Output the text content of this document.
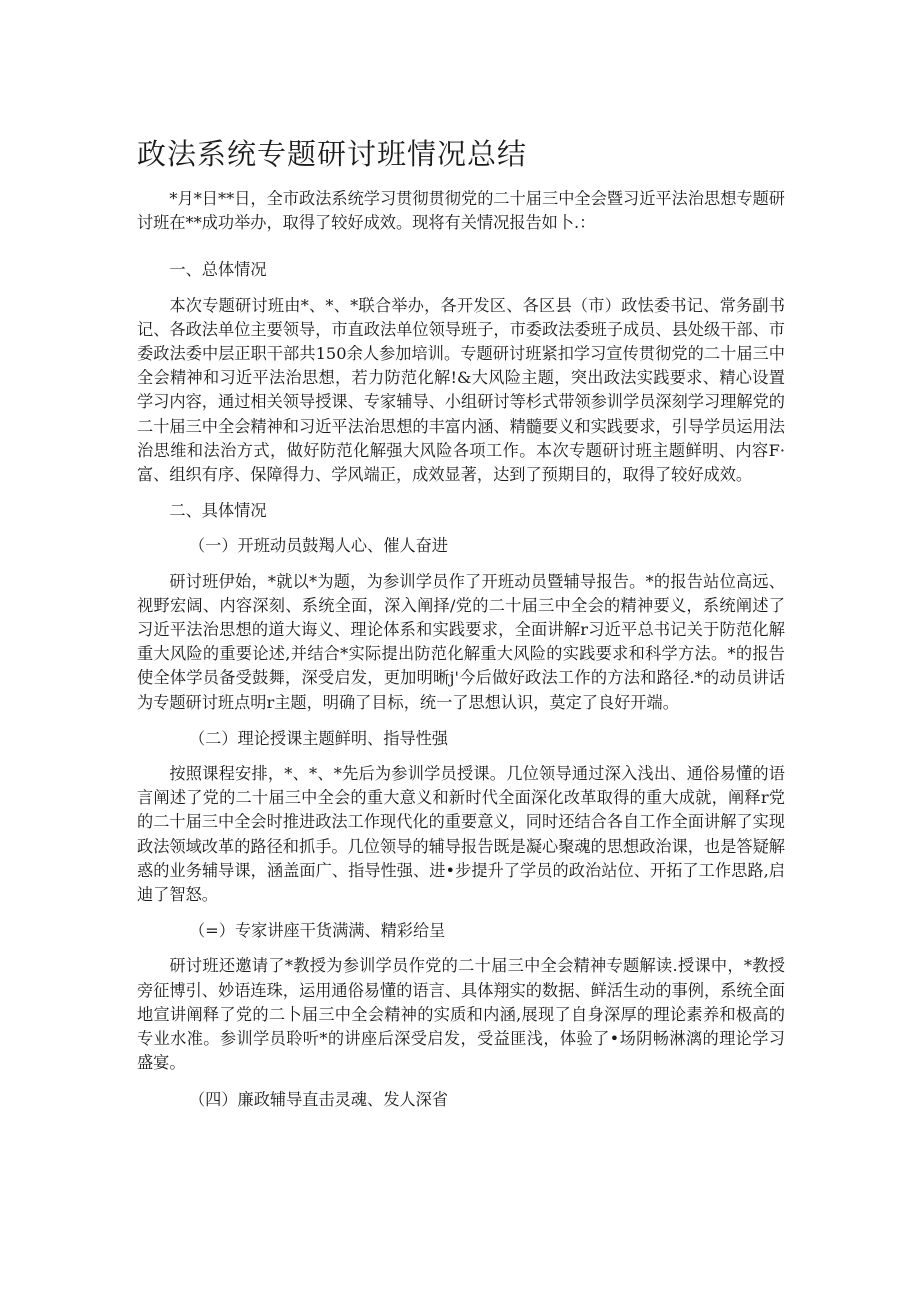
政法系统专题研讨班情况总结

*月*日**日，全市政法系统学习贯彻贯彻党的二十届三中全会暨习近平法治思想专题研讨班在**成功举办，取得了较好成效。现将有关情况报告如卜.：

一、总体情况

本次专题研讨班由*、*、*联合举办，各开发区、各区县（市）政怯委书记、常务副书记、各政法单位主要领导，市直政法单位领导班子，市委政法委班子成员、县处级干部、市委政法委中层正职干部共150余人参加培训。专题研讨班紧扣学习宣传贯彻党的二十届三中全会精神和习近平法治思想，若力防范化解!&大风险主题，突出政法实践要求、精心设置学习内容，通过相关领导授课、专家辅导、小组研讨等杉式带领参训学员深刻学习理解党的二十届三中全会精神和习近平法治思想的丰富内涵、精髓要义和实践要求，引导学员运用法治思维和法治方式，做好防范化解强大风险各项工作。本次专题研讨班主题鲜明、内容F·富、组织有序、保障得力、学风端正，成效显著，达到了预期目的，取得了较好成效。

二、具体情况

（一）开班动员鼓羯人心、催人奋进

研讨班伊始，*就以*为题，为参训学员作了开班动员暨辅导报告。*的报告站位高远、视野宏阔、内容深刻、系统全面，深入阐择/党的二十届三中全会的精神要义，系统阐述了习近平法治思想的道大诲义、理论体系和实践要求，全面讲解r习近平总书记关于防范化解重大风险的重要论述,并结合*实际提出防范化解重大风险的实践要求和科学方法。*的报告使全体学员备受鼓舞，深受启发，更加明晰j'今后做好政法工作的方法和路径.*的动员讲话为专题研讨班点明r主题，明确了目标，统一了思想认识，莫定了良好开端。

（二）理论授课主题鲜明、指导性强

按照课程安排，*、*、*先后为参训学员授课。几位领导通过深入浅出、通俗易懂的语言阐述了党的二十届三中全会的重大意义和新时代全面深化改革取得的重大成就，阐释r党的二十届三中全会时推进政法工作现代化的重要意义，同时还结合各自工作全面讲解了实现政法领域改革的路径和抓手。几位领导的辅导报告既是凝心聚魂的思想政治课，也是答疑解惑的业务辅导课，涵盖面广、指导性强、进•步提升了学员的政治站位、开拓了工作思路,启迪了智怒。

（=）专家讲座干货满满、精彩给呈

研讨班还邀请了*教授为参训学员作党的二十届三中全会精神专题解读.授课中，*教授旁征博引、妙语连珠，运用通俗易懂的语言、具体翔实的数据、鲜活生动的事例，系统全面地宣讲阐释了党的二卜届三中全会精神的实质和内涵,展现了自身深厚的理论素养和极高的专业水准。参训学员聆听*的讲座后深受启发，受益匪浅，体验了•场阴畅淋漓的理论学习盛宴。

（四）廉政辅导直击灵魂、发人深省
